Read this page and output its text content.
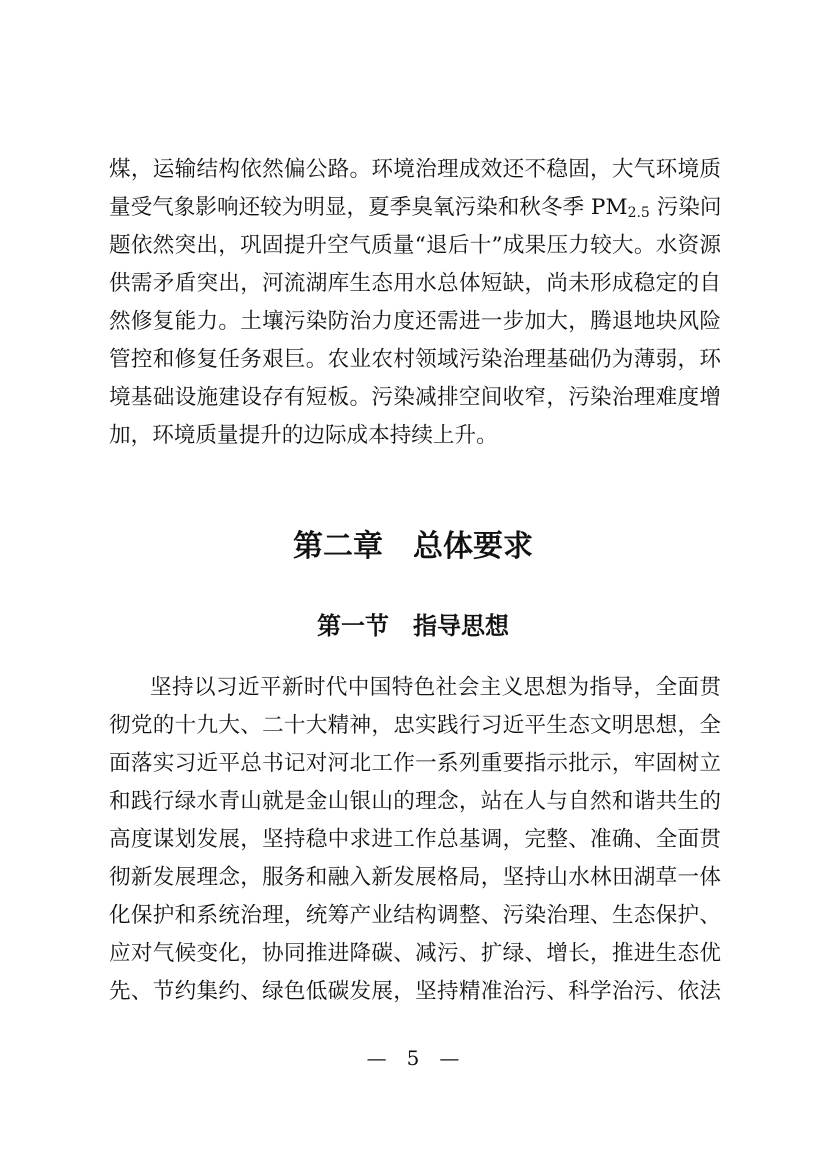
煤，运输结构依然偏公路。环境治理成效还不稳固，大气环境质
量受气象影响还较为明显，夏季臭氧污染和秋冬季 $PM_{2.5}$ 污染问
题依然突出，巩固提升空气质量“退后十”成果压力较大。水资源
供需矛盾突出，河流湖库生态用水总体短缺，尚未形成稳定的自
然修复能力。土壤污染防治力度还需进一步加大，腾退地块风险
管控和修复任务艰巨。农业农村领域污染治理基础仍为薄弱，环
境基础设施建设存有短板。污染减排空间收窄，污染治理难度增
加，环境质量提升的边际成本持续上升。
第二章　总体要求
第一节　指导思想
坚持以习近平新时代中国特色社会主义思想为指导，全面贯
彻党的十九大、二十大精神，忠实践行习近平生态文明思想，全
面落实习近平总书记对河北工作一系列重要指示批示，牢固树立
和践行绿水青山就是金山银山的理念，站在人与自然和谐共生的
高度谋划发展，坚持稳中求进工作总基调，完整、准确、全面贯
彻新发展理念，服务和融入新发展格局，坚持山水林田湖草一体
化保护和系统治理，统筹产业结构调整、污染治理、生态保护、
应对气候变化，协同推进降碳、减污、扩绿、增长，推进生态优
先、节约集约、绿色低碳发展，坚持精准治污、科学治污、依法
—　5　—
